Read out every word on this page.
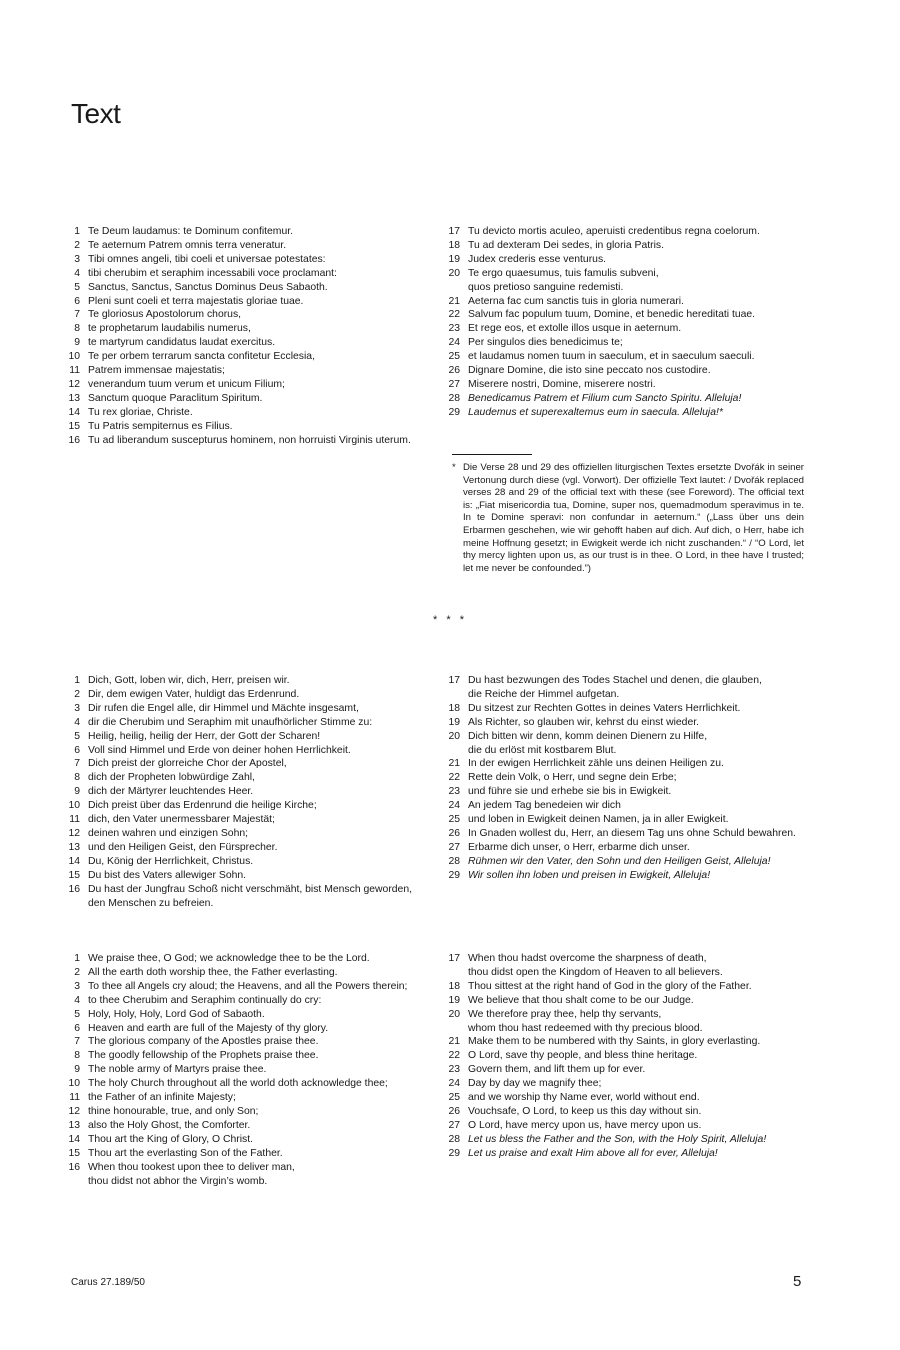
Text
1 Te Deum laudamus: te Dominum confitemur.
2 Te aeternum Patrem omnis terra veneratur.
3 Tibi omnes angeli, tibi coeli et universae potestates:
4 tibi cherubim et seraphim incessabili voce proclamant:
5 Sanctus, Sanctus, Sanctus Dominus Deus Sabaoth.
6 Pleni sunt coeli et terra majestatis gloriae tuae.
7 Te gloriosus Apostolorum chorus,
8 te prophetarum laudabilis numerus,
9 te martyrum candidatus laudat exercitus.
10 Te per orbem terrarum sancta confitetur Ecclesia,
11 Patrem immensae majestatis;
12 venerandum tuum verum et unicum Filium;
13 Sanctum quoque Paraclitum Spiritum.
14 Tu rex gloriae, Christe.
15 Tu Patris sempiternus es Filius.
16 Tu ad liberandum suscepturus hominem, non horruisti Virginis uterum.
17 Tu devicto mortis aculeo, aperuisti credentibus regna coelorum.
18 Tu ad dexteram Dei sedes, in gloria Patris.
19 Judex crederis esse venturus.
20 Te ergo quaesumus, tuis famulis subveni,
quos pretioso sanguine redemisti.
21 Aeterna fac cum sanctis tuis in gloria numerari.
22 Salvum fac populum tuum, Domine, et benedic hereditati tuae.
23 Et rege eos, et extolle illos usque in aeternum.
24 Per singulos dies benedicimus te;
25 et laudamus nomen tuum in saeculum, et in saeculum saeculi.
26 Dignare Domine, die isto sine peccato nos custodire.
27 Miserere nostri, Domine, miserere nostri.
28 Benedicamus Patrem et Filium cum Sancto Spiritu. Alleluja!
29 Laudemus et superexaltemus eum in saecula. Alleluja!*
* Die Verse 28 und 29 des offiziellen liturgischen Textes ersetzte Dvořák in seiner Vertonung durch diese (vgl. Vorwort). Der offizielle Text lautet: / Dvořák replaced verses 28 and 29 of the official text with these (see Foreword). The official text is: „Fiat misericordia tua, Domine, super nos, quemadmodum speravimus in te. In te Domine speravi: non confundar in aeternum.“ („Lass über uns dein Erbarmen geschehen, wie wir gehofft haben auf dich. Auf dich, o Herr, habe ich meine Hoffnung gesetzt; in Ewigkeit werde ich nicht zuschanden.“ / “O Lord, let thy mercy lighten upon us, as our trust is in thee. O Lord, in thee have I trusted; let me never be confounded.”)
* * *
1 Dich, Gott, loben wir, dich, Herr, preisen wir.
2 Dir, dem ewigen Vater, huldigt das Erdenrund.
3 Dir rufen die Engel alle, dir Himmel und Mächte insgesamt,
4 dir die Cherubim und Seraphim mit unaufhörlicher Stimme zu:
5 Heilig, heilig, heilig der Herr, der Gott der Scharen!
6 Voll sind Himmel und Erde von deiner hohen Herrlichkeit.
7 Dich preist der glorreiche Chor der Apostel,
8 dich der Propheten lobwürdige Zahl,
9 dich der Märtyrer leuchtendes Heer.
10 Dich preist über das Erdenrund die heilige Kirche;
11 dich, den Vater unermessbarer Majestät;
12 deinen wahren und einzigen Sohn;
13 und den Heiligen Geist, den Fürsprecher.
14 Du, König der Herrlichkeit, Christus.
15 Du bist des Vaters allewiger Sohn.
16 Du hast der Jungfrau Schoß nicht verschmäht, bist Mensch geworden,
den Menschen zu befreien.
17 Du hast bezwungen des Todes Stachel und denen, die glauben,
die Reiche der Himmel aufgetan.
18 Du sitzest zur Rechten Gottes in deines Vaters Herrlichkeit.
19 Als Richter, so glauben wir, kehrst du einst wieder.
20 Dich bitten wir denn, komm deinen Dienern zu Hilfe,
die du erlöst mit kostbarem Blut.
21 In der ewigen Herrlichkeit zähle uns deinen Heiligen zu.
22 Rette dein Volk, o Herr, und segne dein Erbe;
23 und führe sie und erhebe sie bis in Ewigkeit.
24 An jedem Tag benedeien wir dich
25 und loben in Ewigkeit deinen Namen, ja in aller Ewigkeit.
26 In Gnaden wollest du, Herr, an diesem Tag uns ohne Schuld bewahren.
27 Erbarme dich unser, o Herr, erbarme dich unser.
28 Rühmen wir den Vater, den Sohn und den Heiligen Geist, Alleluja!
29 Wir sollen ihn loben und preisen in Ewigkeit, Alleluja!
1 We praise thee, O God; we acknowledge thee to be the Lord.
2 All the earth doth worship thee, the Father everlasting.
3 To thee all Angels cry aloud; the Heavens, and all the Powers therein;
4 to thee Cherubim and Seraphim continually do cry:
5 Holy, Holy, Holy, Lord God of Sabaoth.
6 Heaven and earth are full of the Majesty of thy glory.
7 The glorious company of the Apostles praise thee.
8 The goodly fellowship of the Prophets praise thee.
9 The noble army of Martyrs praise thee.
10 The holy Church throughout all the world doth acknowledge thee;
11 the Father of an infinite Majesty;
12 thine honourable, true, and only Son;
13 also the Holy Ghost, the Comforter.
14 Thou art the King of Glory, O Christ.
15 Thou art the everlasting Son of the Father.
16 When thou tookest upon thee to deliver man,
thou didst not abhor the Virgin’s womb.
17 When thou hadst overcome the sharpness of death,
thou didst open the Kingdom of Heaven to all believers.
18 Thou sittest at the right hand of God in the glory of the Father.
19 We believe that thou shalt come to be our Judge.
20 We therefore pray thee, help thy servants,
whom thou hast redeemed with thy precious blood.
21 Make them to be numbered with thy Saints, in glory everlasting.
22 O Lord, save thy people, and bless thine heritage.
23 Govern them, and lift them up for ever.
24 Day by day we magnify thee;
25 and we worship thy Name ever, world without end.
26 Vouchsafe, O Lord, to keep us this day without sin.
27 O Lord, have mercy upon us, have mercy upon us.
28 Let us bless the Father and the Son, with the Holy Spirit, Alleluja!
29 Let us praise and exalt Him above all for ever, Alleluja!
Carus 27.189/50	5
